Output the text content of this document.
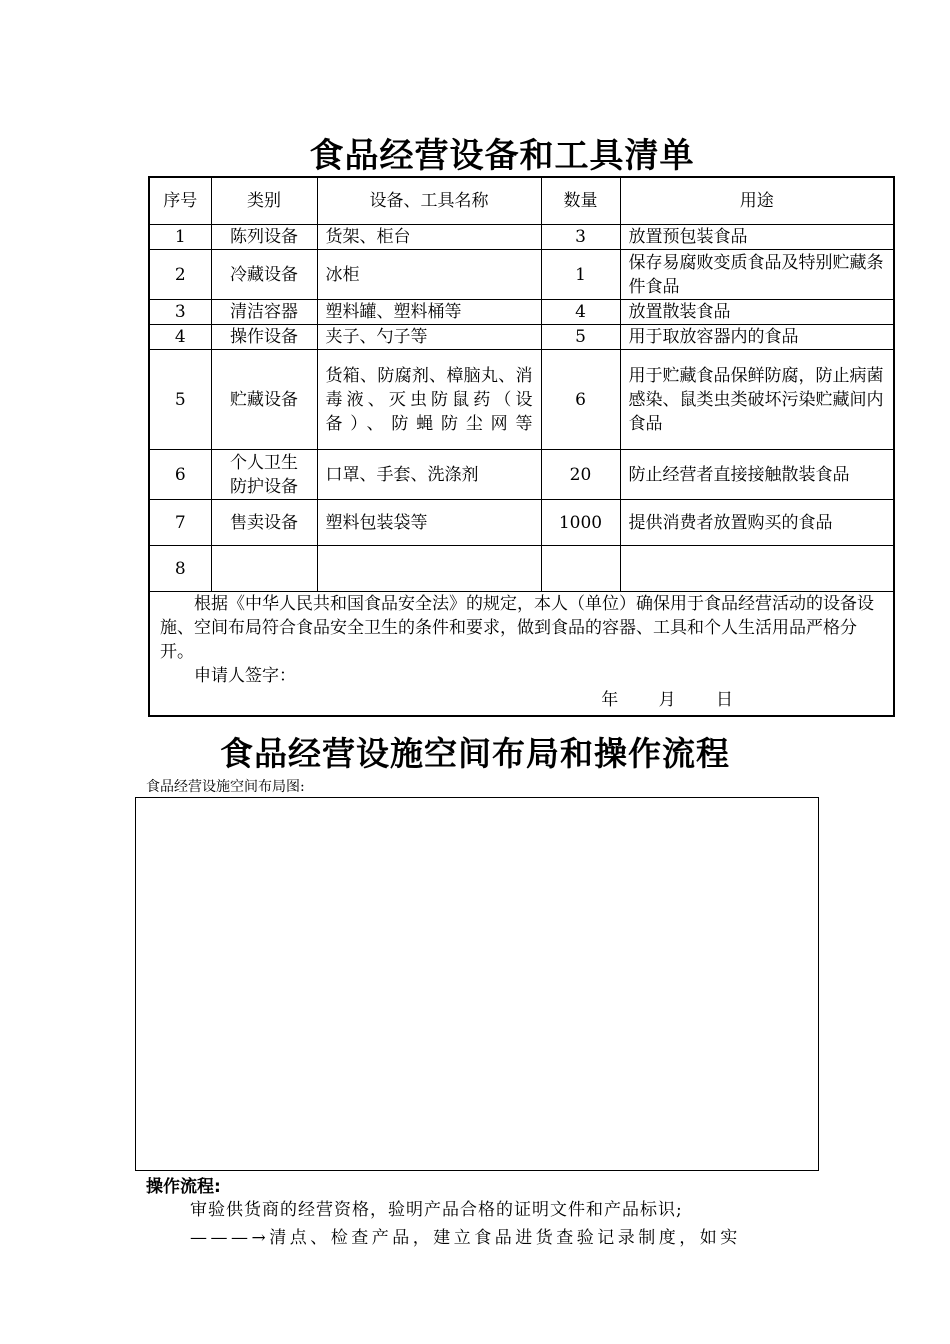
食品经营设备和工具清单
序号	类别	设备、工具名称	数量	用途
1	陈列设备	货架、柜台	3	放置预包装食品
2	冷藏设备	冰柜	1	保存易腐败变质食品及特别贮藏条件食品
3	清洁容器	塑料罐、塑料桶等	4	放置散装食品
4	操作设备	夹子、勺子等	5	用于取放容器内的食品
5	贮藏设备	货箱、防腐剂、樟脑丸、消毒液、灭虫防鼠药（设备）、防蝇防尘网等	6	用于贮藏食品保鲜防腐，防止病菌感染、鼠类虫类破坏污染贮藏间内食品
6	个人卫生防护设备	口罩、手套、洗涤剂	20	防止经营者直接接触散装食品
7	售卖设备	塑料包装袋等	1000	提供消费者放置购买的食品
8				

根据《中华人民共和国食品安全法》的规定，本人（单位）确保用于食品经营活动的设备设施、空间布局符合食品安全卫生的条件和要求，做到食品的容器、工具和个人生活用品严格分开。

申请人签字：

年 月 日				

食品经营设施空间布局和操作流程
食品经营设施空间布局图:
操作流程:
审验供货商的经营资格，验明产品合格的证明文件和产品标识;
———→清点、检查产品，建立食品进货查验记录制度，如实
